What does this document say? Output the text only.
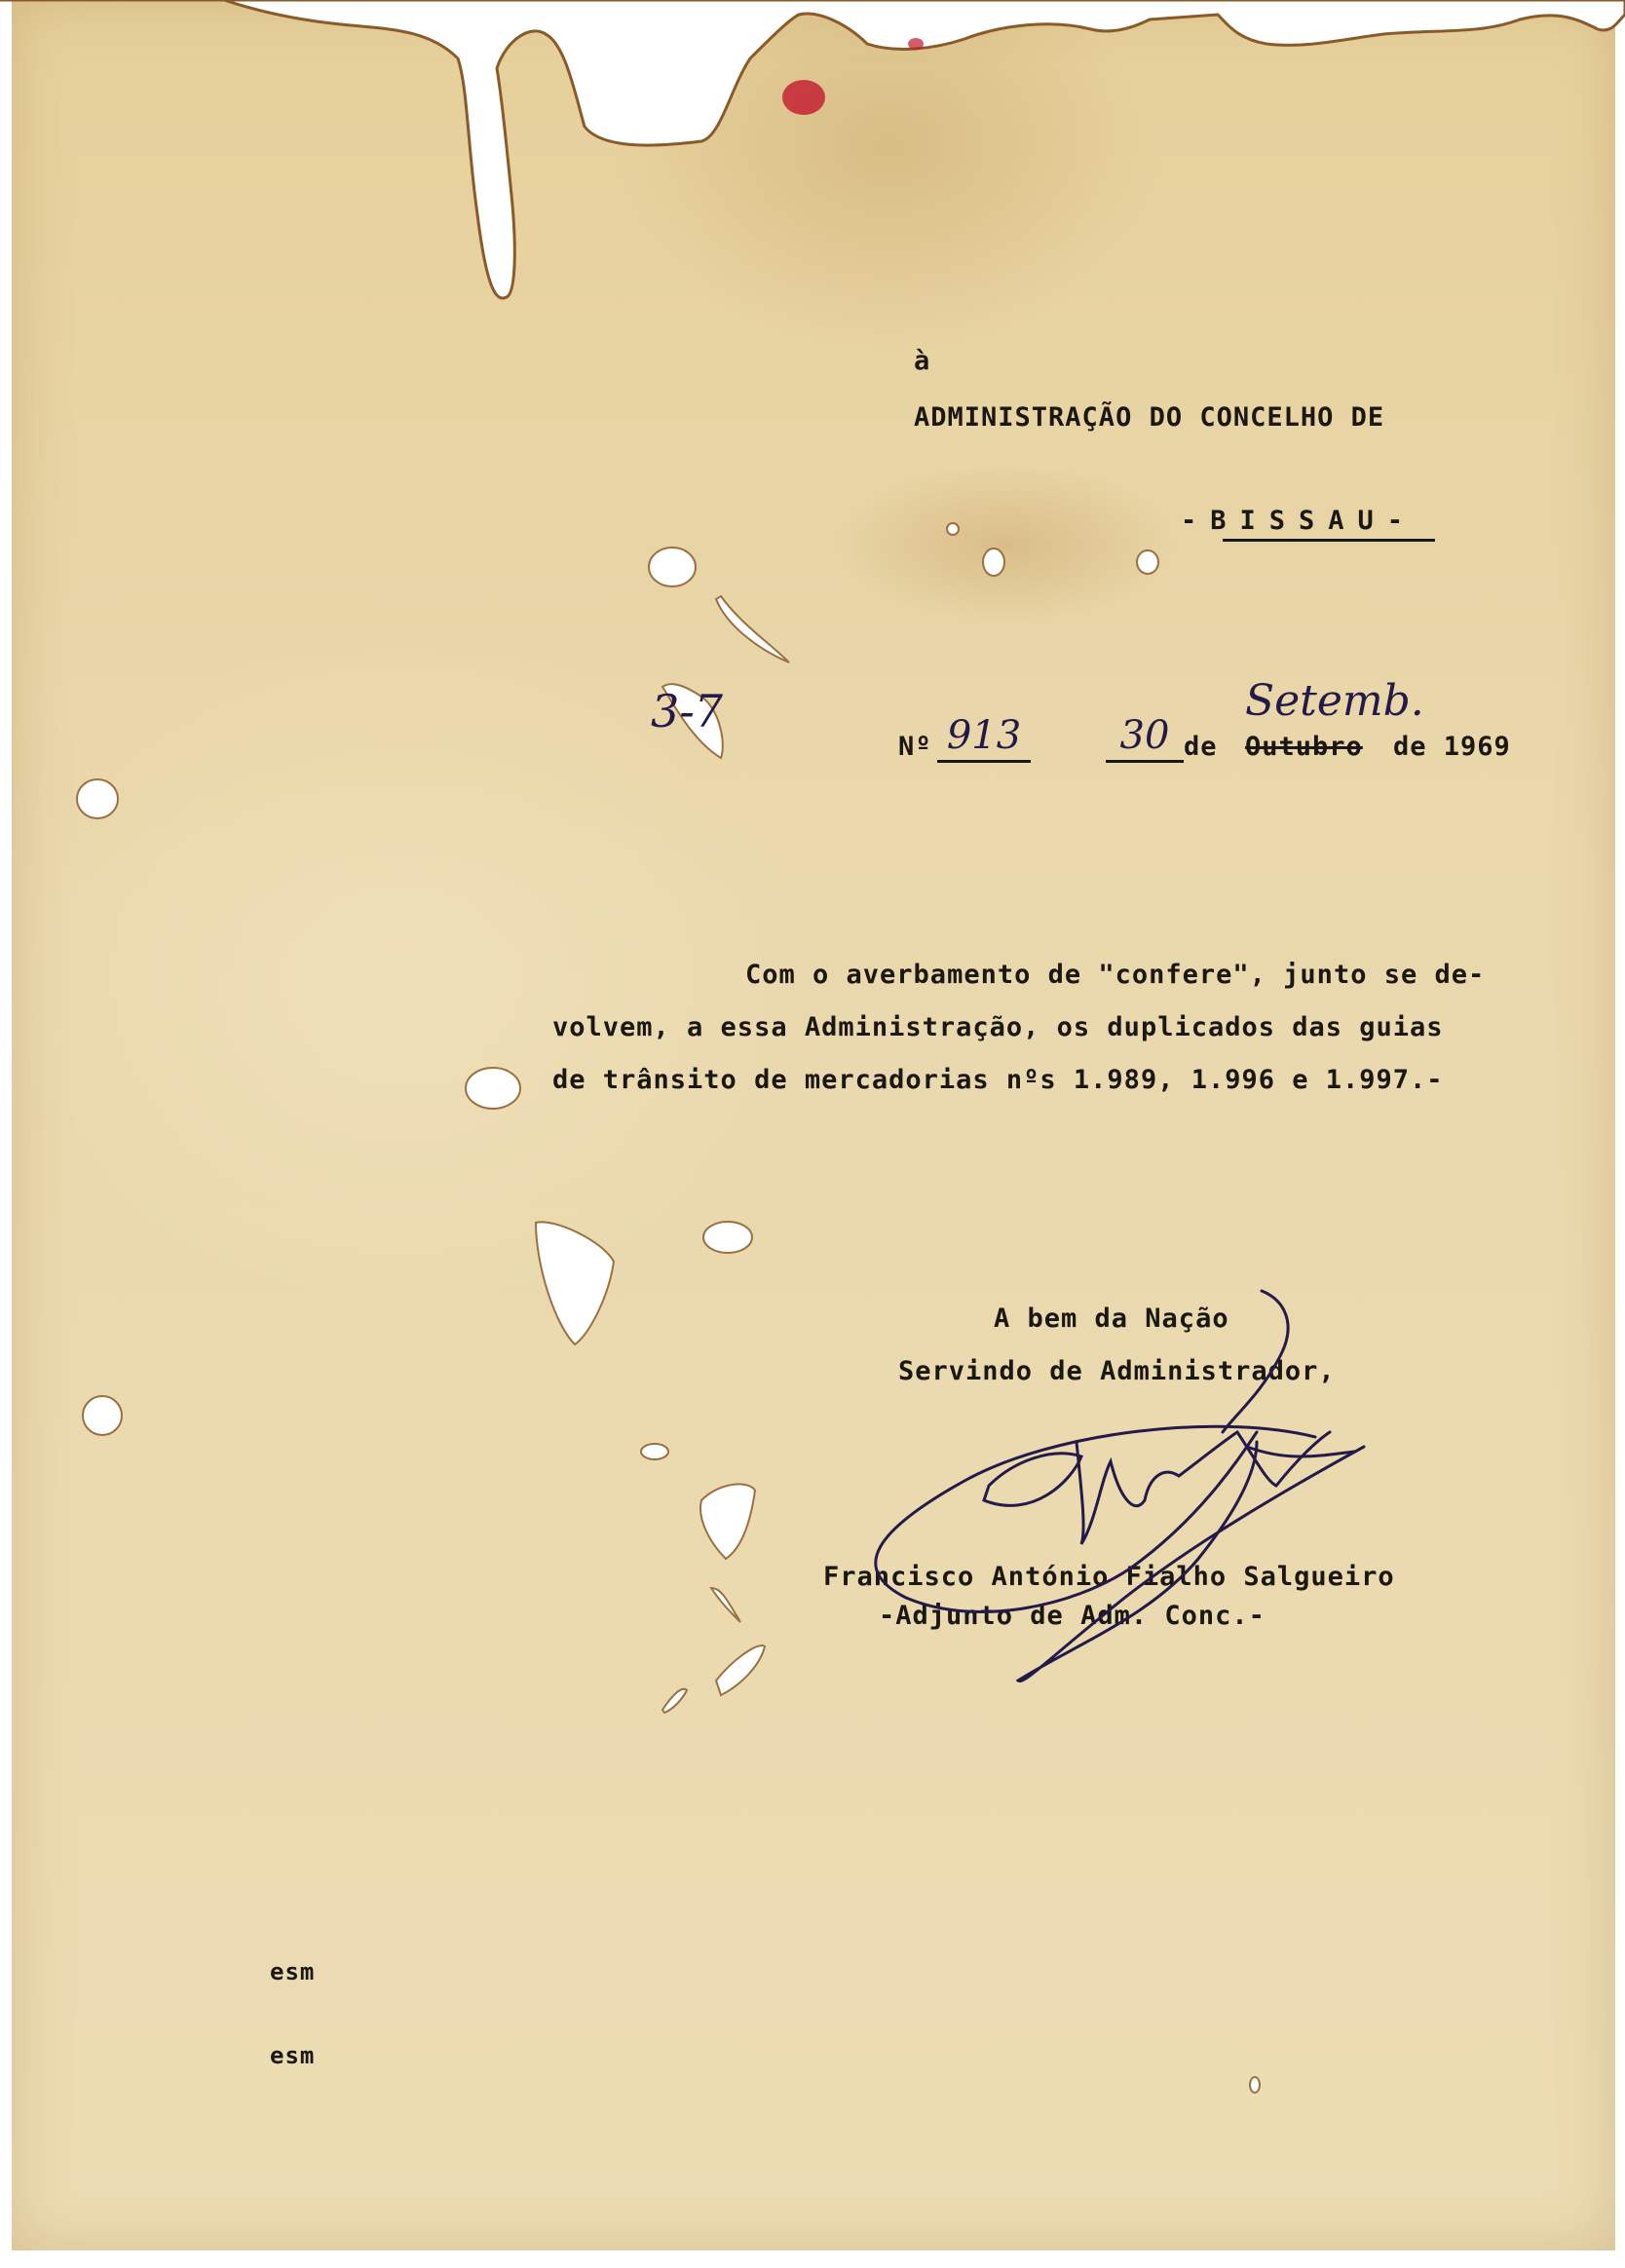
à
ADMINISTRAÇÃO DO CONCELHO DE
-BISSAU-
3-7
Nº 913	30 de Outubro
Setemb.
de 1969
Com o averbamento de "confere", junto se de-
volvem, a essa Administração, os duplicados das guias
de trânsito de mercadorias nºs 1.989, 1.996 e 1.997.-
A bem da Nação
Servindo de Administrador,
Francisco António Fialho Salgueiro
-Adjunto de Adm. Conc.-
esm
esm
